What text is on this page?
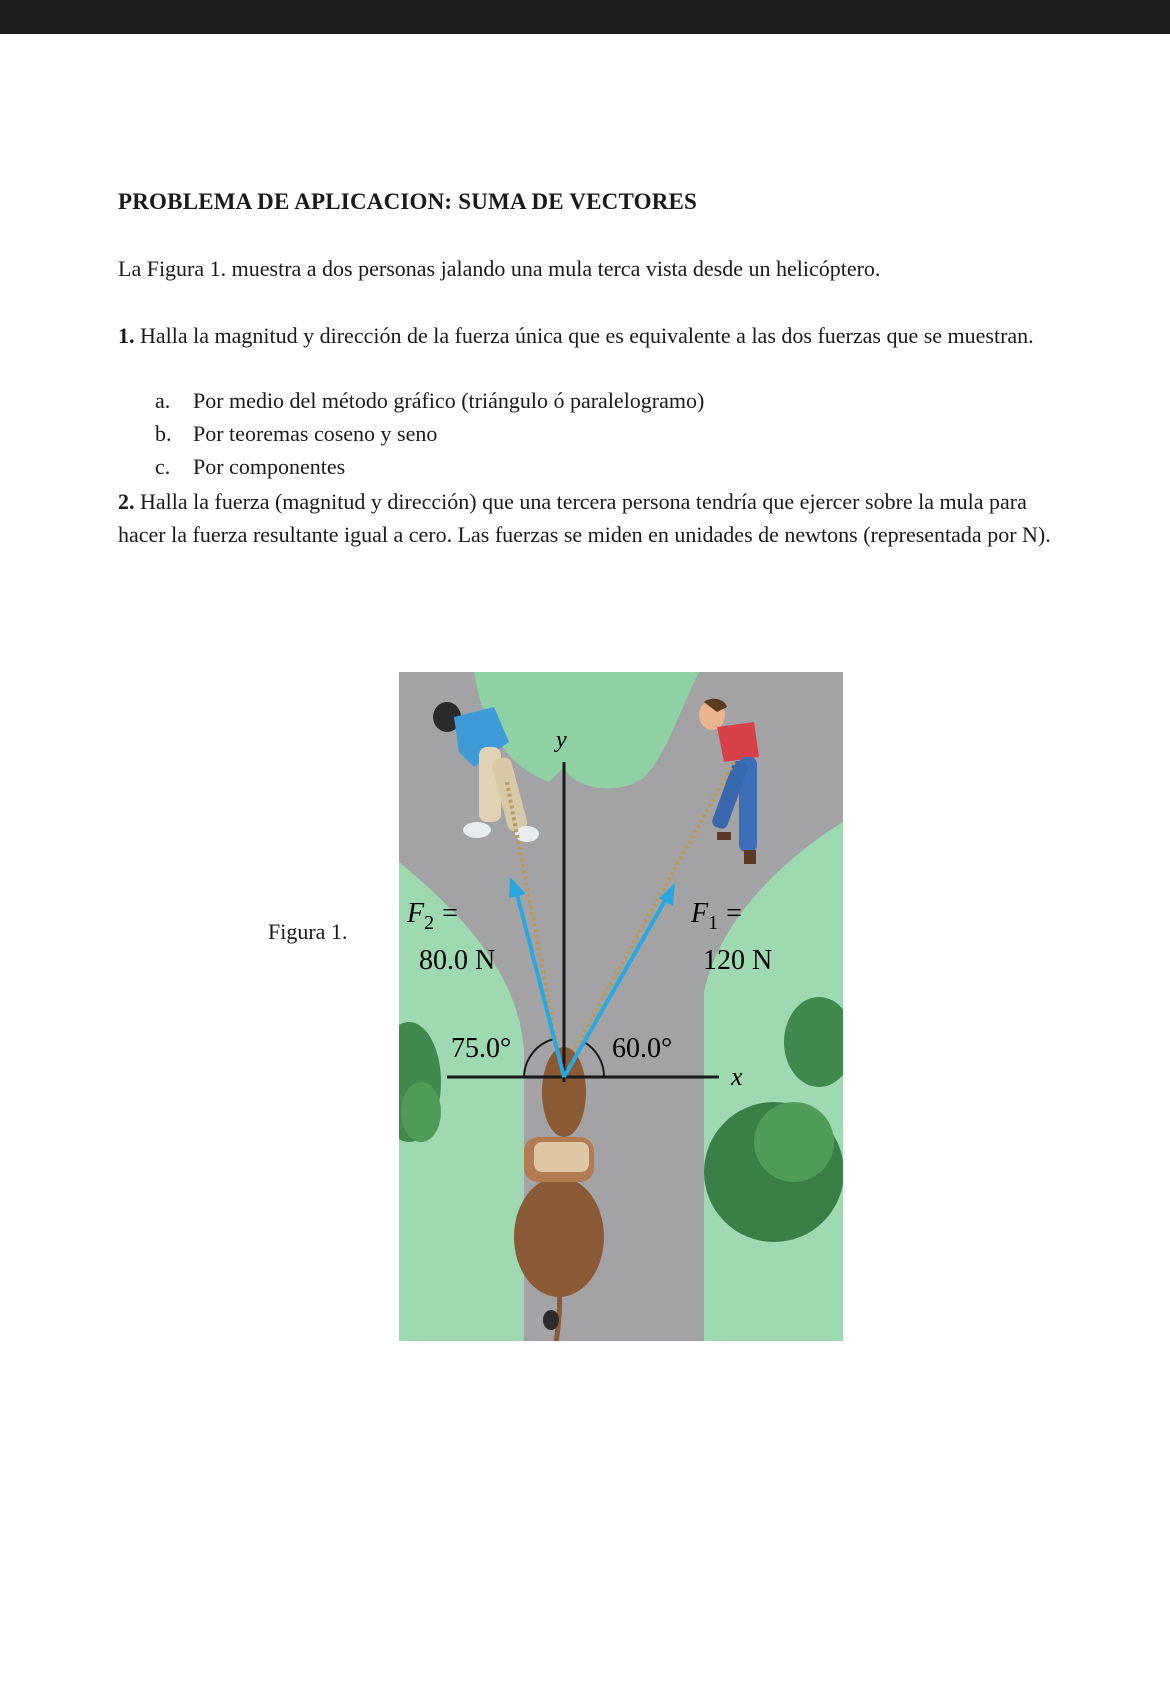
PROBLEMA DE APLICACION: SUMA DE VECTORES
La Figura 1. muestra a dos personas jalando una mula terca vista desde un helicóptero.
1. Halla la magnitud y dirección de la fuerza única que es equivalente a las dos fuerzas que se muestran.
a. Por medio del método gráfico (triángulo ó paralelogramo)
b. Por teoremas coseno y seno
c. Por componentes
2. Halla la fuerza (magnitud y dirección) que una tercera persona tendría que ejercer sobre la mula para hacer la fuerza resultante igual a cero. Las fuerzas se miden en unidades de newtons (representada por N).
Figura 1.
y
x
$F_2$ =
80.0 N
$F_1$ =
120 N
75.0°	60.0°
